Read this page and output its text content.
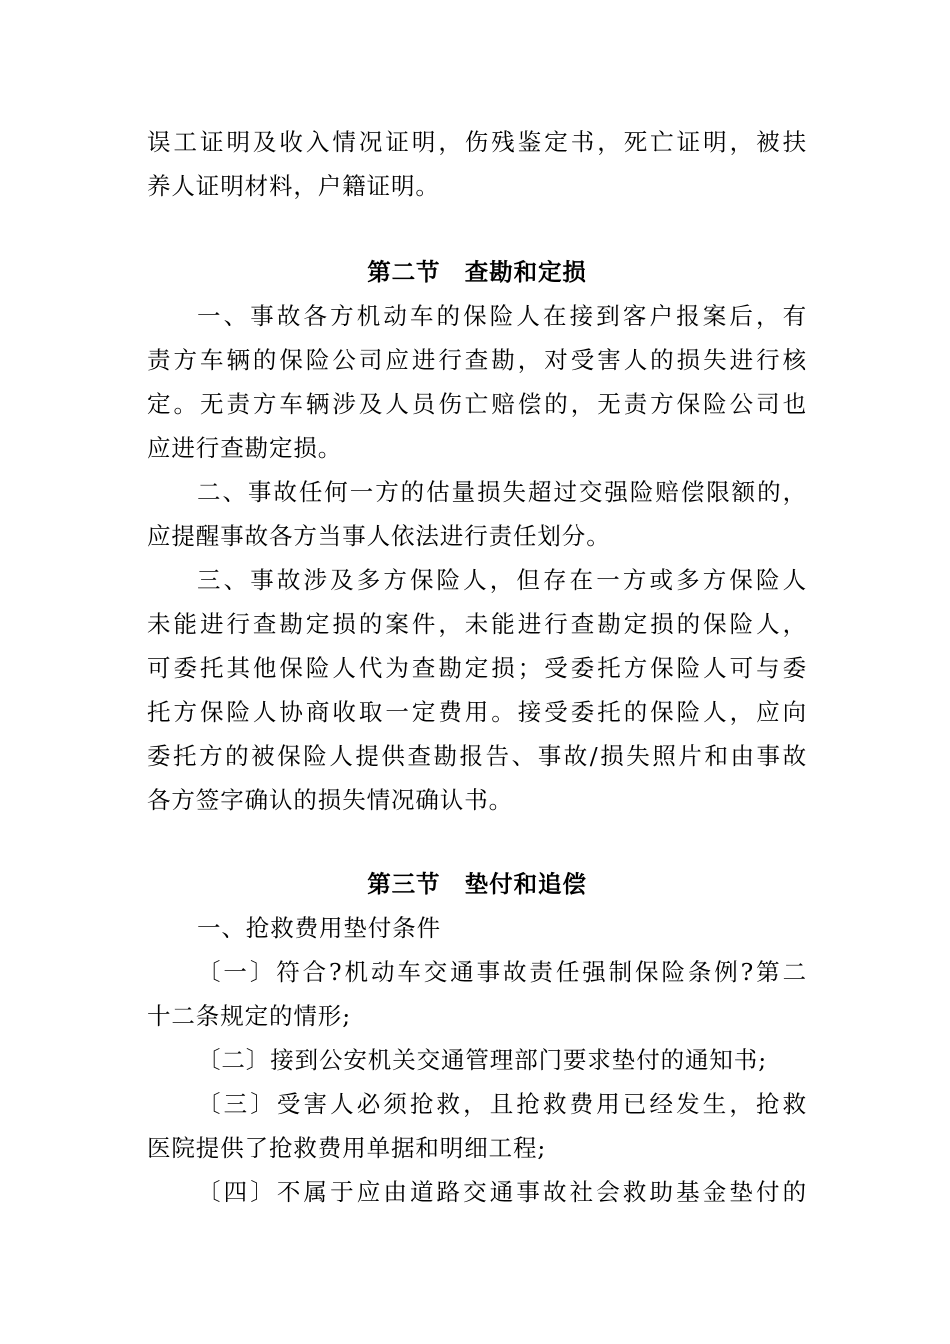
误工证明及收入情况证明，伤残鉴定书，死亡证明，被扶
养人证明材料，户籍证明。
第二节　查勘和定损
一、事故各方机动车的保险人在接到客户报案后，有
责方车辆的保险公司应进行查勘，对受害人的损失进行核
定。无责方车辆涉及人员伤亡赔偿的，无责方保险公司也
应进行查勘定损。
二、事故任何一方的估量损失超过交强险赔偿限额的，
应提醒事故各方当事人依法进行责任划分。
三、事故涉及多方保险人，但存在一方或多方保险人
未能进行查勘定损的案件，未能进行查勘定损的保险人，
可委托其他保险人代为查勘定损；受委托方保险人可与委
托方保险人协商收取一定费用。接受委托的保险人，应向
委托方的被保险人提供查勘报告、事故/损失照片和由事故
各方签字确认的损失情况确认书。
第三节　垫付和追偿
一、抢救费用垫付条件
〔一〕符合?机动车交通事故责任强制保险条例?第二
十二条规定的情形;
〔二〕接到公安机关交通管理部门要求垫付的通知书;
〔三〕受害人必须抢救，且抢救费用已经发生，抢救
医院提供了抢救费用单据和明细工程;
〔四〕不属于应由道路交通事故社会救助基金垫付的
